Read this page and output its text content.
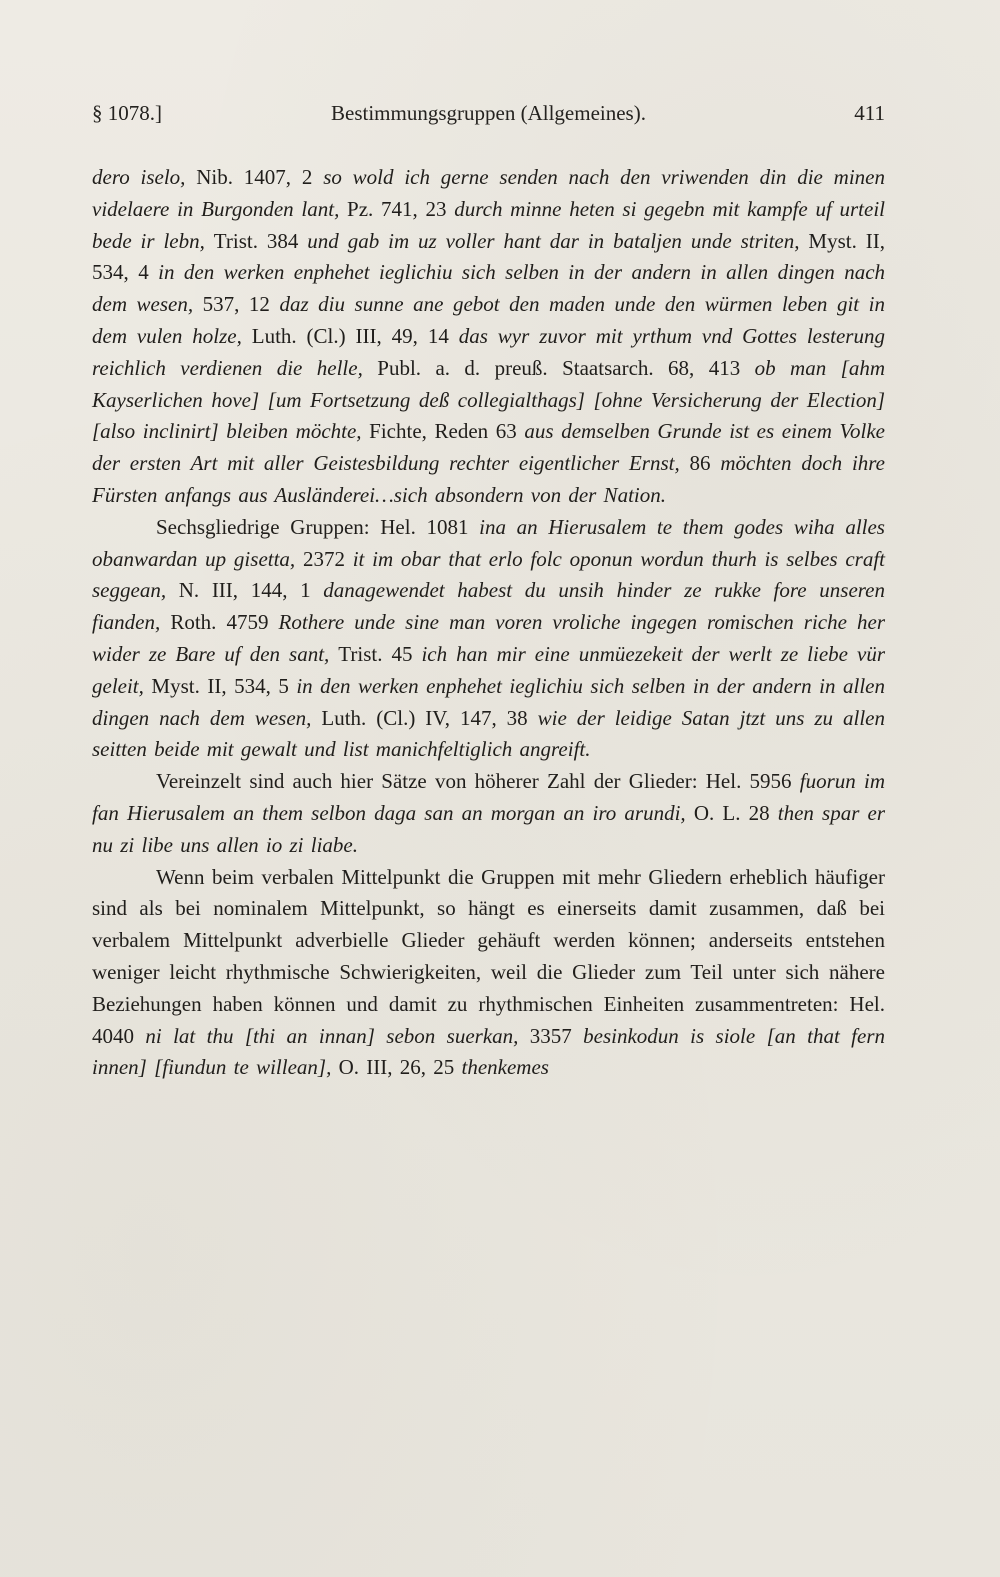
§ 1078.]	Bestimmungsgruppen (Allgemeines).	411

dero iselo, Nib. 1407, 2 so wold ich gerne senden nach den vriwenden din die minen videlaere in Burgonden lant, Pz. 741, 23 durch minne heten si gegebn mit kampfe uf urteil bede ir lebn, Trist. 384 und gab im uz voller hant dar in bataljen unde striten, Myst. II, 534, 4 in den werken enphehet ieglichiu sich selben in der andern in allen dingen nach dem wesen, 537, 12 daz diu sunne ane gebot den maden unde den würmen leben git in dem vulen holze, Luth. (Cl.) III, 49, 14 das wyr zuvor mit yrthum vnd Gottes lesterung reichlich verdienen die helle, Publ. a. d. preuß. Staatsarch. 68, 413 ob man [ahm Kayserlichen hove] [um Fortsetzung deß collegialthags] [ohne Versicherung der Election] [also inclinirt] bleiben möchte, Fichte, Reden 63 aus demselben Grunde ist es einem Volke der ersten Art mit aller Geistesbildung rechter eigentlicher Ernst, 86 möchten doch ihre Fürsten anfangs aus Ausländerei…sich absondern von der Nation.

Sechsgliedrige Gruppen: Hel. 1081 ina an Hierusalem te them godes wiha alles obanwardan up gisetta, 2372 it im obar that erlo folc oponun wordun thurh is selbes craft seggean, N. III, 144, 1 danagewendet habest du unsih hinder ze rukke fore unseren fianden, Roth. 4759 Rothere unde sine man voren vroliche ingegen romischen riche her wider ze Bare uf den sant, Trist. 45 ich han mir eine unmüezekeit der werlt ze liebe vür geleit, Myst. II, 534, 5 in den werken enphehet ieglichiu sich selben in der andern in allen dingen nach dem wesen, Luth. (Cl.) IV, 147, 38 wie der leidige Satan jtzt uns zu allen seitten beide mit gewalt und list manichfeltiglich angreift.

Vereinzelt sind auch hier Sätze von höherer Zahl der Glieder: Hel. 5956 fuorun im fan Hierusalem an them selbon daga san an morgan an iro arundi, O. L. 28 then spar er nu zi libe uns allen io zi liabe.

Wenn beim verbalen Mittelpunkt die Gruppen mit mehr Gliedern erheblich häufiger sind als bei nominalem Mittelpunkt, so hängt es einerseits damit zusammen, daß bei verbalem Mittelpunkt adverbielle Glieder gehäuft werden können; anderseits entstehen weniger leicht rhythmische Schwierigkeiten, weil die Glieder zum Teil unter sich nähere Beziehungen haben können und damit zu rhythmischen Einheiten zusammentreten: Hel. 4040 ni lat thu [thi an innan] sebon suerkan, 3357 besinkodun is siole [an that fern innen] [fiundun te willean], O. III, 26, 25 thenkemes
